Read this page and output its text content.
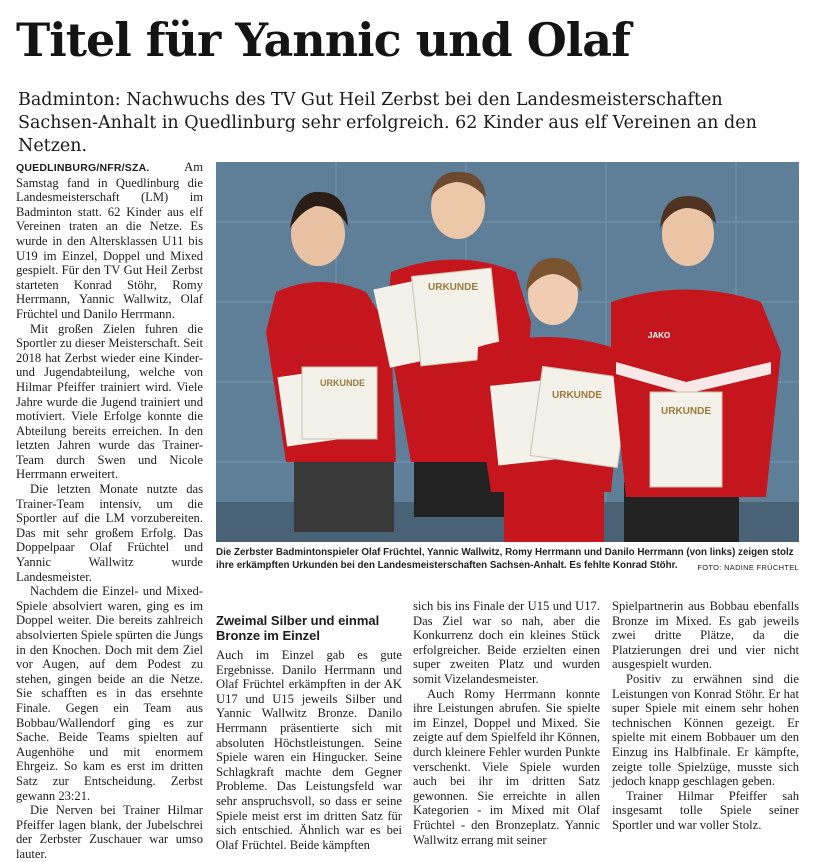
Titel für Yannic und Olaf

Badminton: Nachwuchs des TV Gut Heil Zerbst bei den Landesmeisterschaften Sachsen-Anhalt in Quedlinburg sehr erfolgreich. 62 Kinder aus elf Vereinen an den Netzen.

QUEDLINBURG/NFR/SZA.	Am Samstag fand in Quedlinburg die Landesmeisterschaft (LM) im Badminton statt. 62 Kinder aus elf Vereinen traten an die Netze. Es wurde in den Altersklassen U11 bis U19 im Einzel, Doppel und Mixed gespielt. Für den TV Gut Heil Zerbst starteten Konrad Stöhr, Romy Herrmann, Yannic Wallwitz, Olaf Früchtel und Danilo Herrmann.

Mit großen Zielen fuhren die Sportler zu dieser Meisterschaft. Seit 2018 hat Zerbst wieder eine Kinder- und Jugendabteilung, welche von Hilmar Pfeiffer trainiert wird. Viele Jahre wurde die Jugend trainiert und motiviert. Viele Erfolge konnte die Abteilung bereits erreichen. In den letzten Jahren wurde das Trainer-Team durch Swen und Nicole Herrmann erweitert.

Die letzten Monate nutzte das Trainer-Team intensiv, um die Sportler auf die LM vorzubereiten. Das mit sehr großem Erfolg. Das Doppelpaar Olaf Früchtel und Yannic Wallwitz wurde Landesmeister.

Nachdem die Einzel- und Mixed-Spiele absolviert waren, ging es im Doppel weiter. Die bereits zahlreich absolvierten Spiele spürten die Jungs in den Knochen. Doch mit dem Ziel vor Augen, auf dem Podest zu stehen, gingen beide an die Netze. Sie schafften es in das ersehnte Finale. Gegen ein Team aus Bobbau/Wallendorf ging es zur Sache. Beide Teams spielten auf Augenhöhe und mit enormem Ehrgeiz. So kam es erst im dritten Satz zur Entscheidung. Zerbst gewann 23:21.

Die Nerven bei Trainer Hilmar Pfeiffer lagen blank, der Jubelschrei der Zerbster Zuschauer war umso lauter.

URKUNDE
URKUNDE
URKUNDE
JAKO
URKUNDE
Die Zerbster Badmintonspieler Olaf Früchtel, Yannic Wallwitz, Romy Herrmann und Danilo Herrmann (von links) zeigen stolz ihre erkämpften Urkunden bei den Landesmeisterschaften Sachsen-Anhalt. Es fehlte Konrad Stöhr.	FOTO: NADINE FRÜCHTEL
Zweimal Silber und einmal Bronze im Einzel

Auch im Einzel gab es gute Ergebnisse. Danilo Herrmann und Olaf Früchtel erkämpften in der AK U17 und U15 jeweils Silber und Yannic Wallwitz Bronze. Danilo Herrmann präsentierte sich mit absoluten Höchstleistungen. Seine Spiele waren ein Hingucker. Seine Schlagkraft machte dem Gegner Probleme. Das Leistungsfeld war sehr anspruchsvoll, so dass er seine Spiele meist erst im dritten Satz für sich entschied. Ähnlich war es bei Olaf Früchtel. Beide kämpften

sich bis ins Finale der U15 und U17. Das Ziel war so nah, aber die Konkurrenz doch ein kleines Stück erfolgreicher. Beide erzielten einen super zweiten Platz und wurden somit Vizelandesmeister.

Auch Romy Herrmann konnte ihre Leistungen abrufen. Sie spielte im Einzel, Doppel und Mixed. Sie zeigte auf dem Spielfeld ihr Können, durch kleinere Fehler wurden Punkte verschenkt. Viele Spiele wurden auch bei ihr im dritten Satz gewonnen. Sie erreichte in allen Kategorien - im Mixed mit Olaf Früchtel - den Bronzeplatz. Yannic Wallwitz errang mit seiner

Spielpartnerin aus Bobbau ebenfalls Bronze im Mixed. Es gab jeweils zwei dritte Plätze, da die Platzierungen drei und vier nicht ausgespielt wurden.

Positiv zu erwähnen sind die Leistungen von Konrad Stöhr. Er hat super Spiele mit einem sehr hohen technischen Können gezeigt. Er spielte mit einem Bobbauer um den Einzug ins Halbfinale. Er kämpfte, zeigte tolle Spielzüge, musste sich jedoch knapp geschlagen geben.

Trainer Hilmar Pfeiffer sah insgesamt tolle Spiele seiner Sportler und war voller Stolz.
